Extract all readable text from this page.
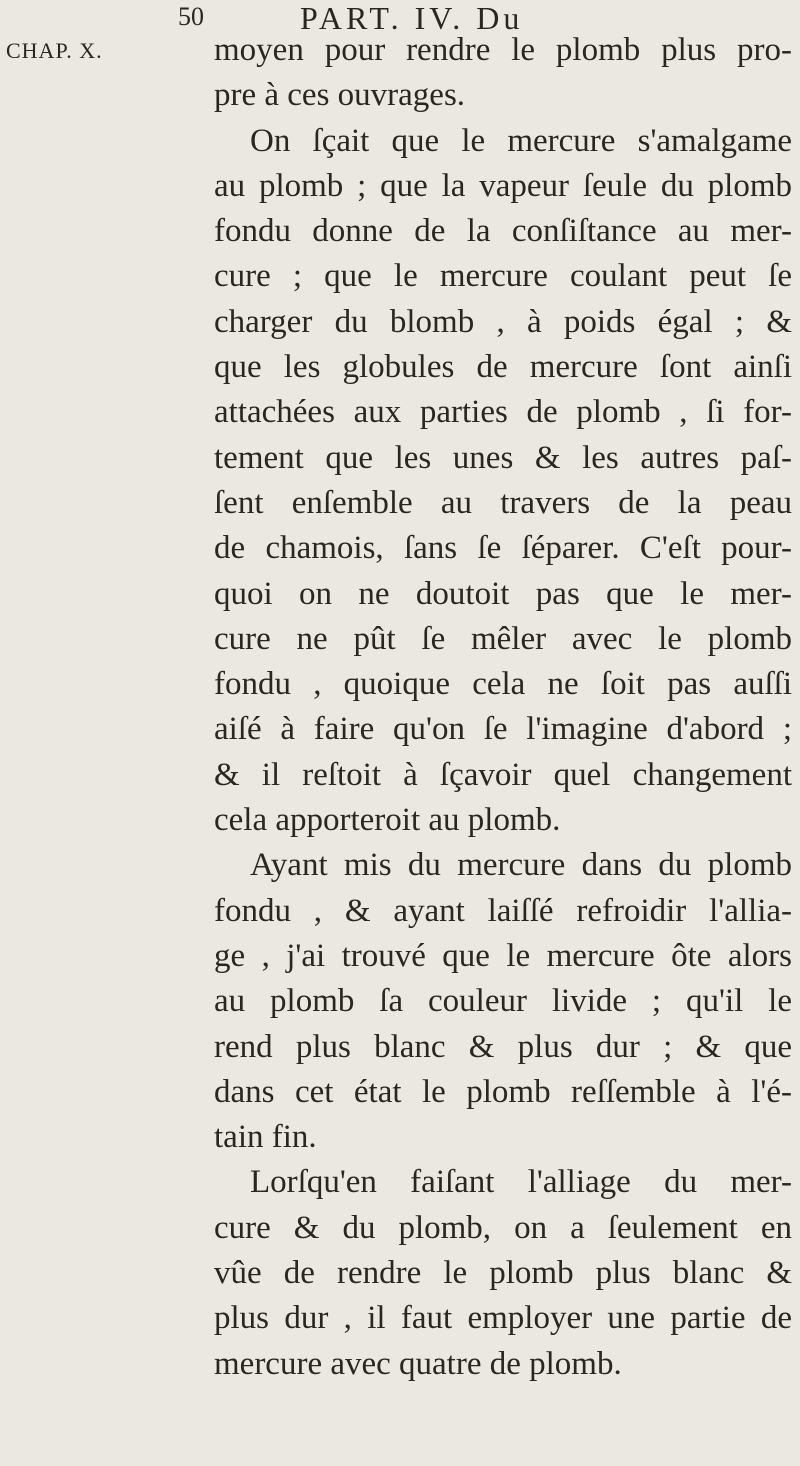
50	PART. IV. Du
CHAP. X.	moyen pour rendre le plomb plus pro-
pre à ces ouvrages.
On ſçait que le mercure s'amalgame
au plomb ; que la vapeur ſeule du plomb
fondu donne de la conſiſtance au mer-
cure ; que le mercure coulant peut ſe
charger du blomb , à poids égal ; &
que les globules de mercure ſont ainſi
attachées aux parties de plomb , ſi for-
tement que les unes & les autres paſ-
ſent enſemble au travers de la peau
de chamois, ſans ſe ſéparer. C'eſt pour-
quoi on ne doutoit pas que le mer-
cure ne pût ſe mêler avec le plomb
fondu , quoique cela ne ſoit pas auſſi
aiſé à faire qu'on ſe l'imagine d'abord ;
& il reſtoit à ſçavoir quel changement
cela apporteroit au plomb.
Ayant mis du mercure dans du plomb
fondu , & ayant laiſſé refroidir l'allia-
ge , j'ai trouvé que le mercure ôte alors
au plomb ſa couleur livide ; qu'il le
rend plus blanc & plus dur ; & que
dans cet état le plomb reſſemble à l'é-
tain fin.
Lorſqu'en faiſant l'alliage du mer-
cure & du plomb, on a ſeulement en
vûe de rendre le plomb plus blanc &
plus dur , il faut employer une partie de
mercure avec quatre de plomb.
